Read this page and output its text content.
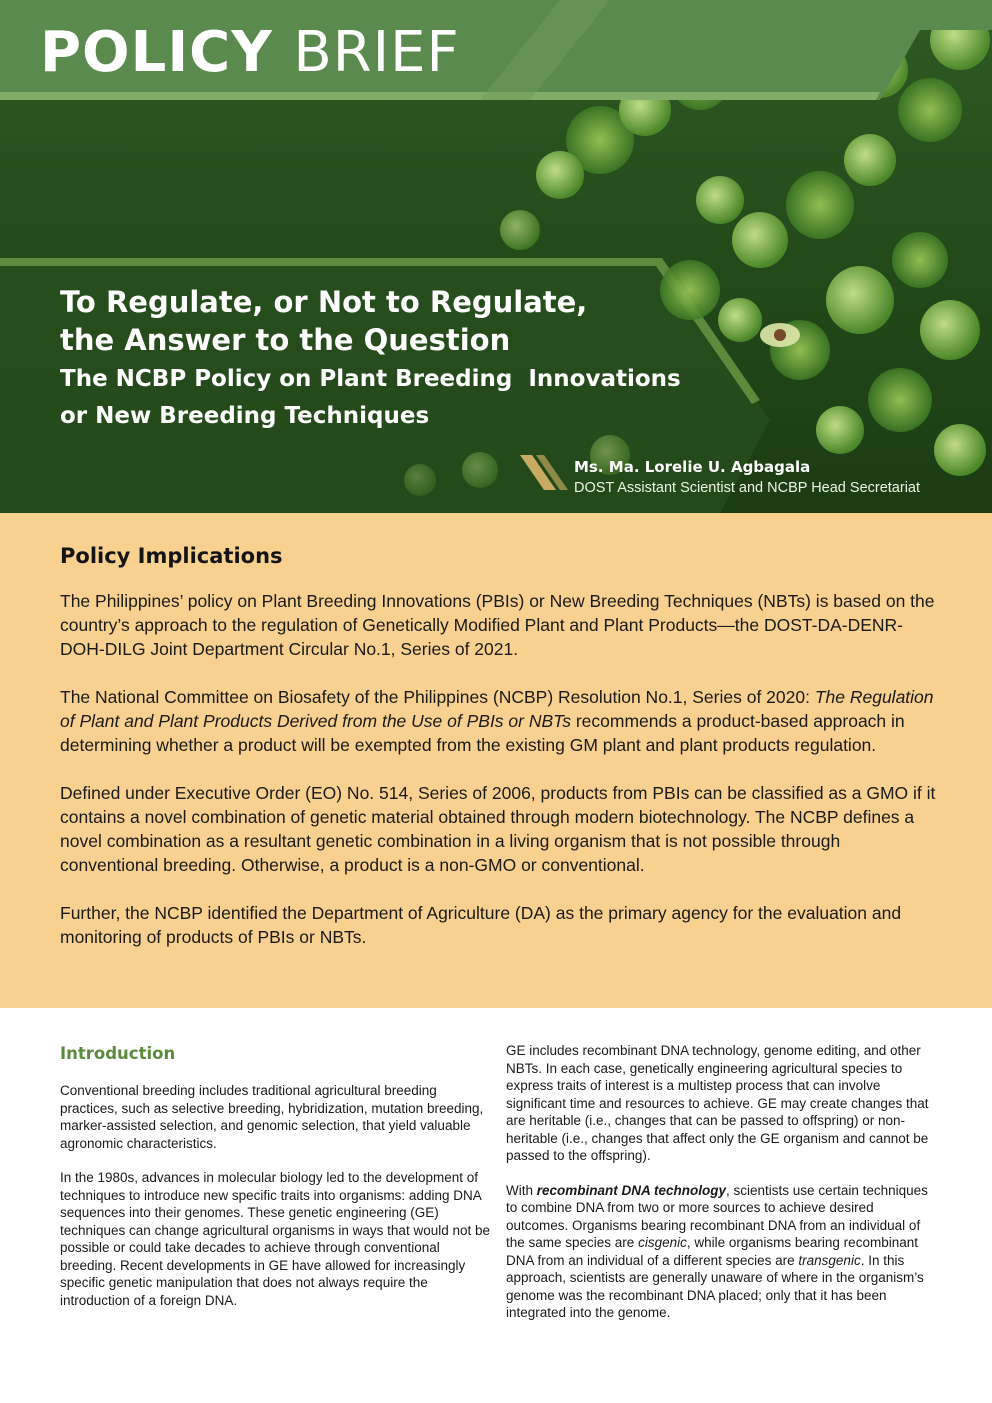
POLICY BRIEF
To Regulate, or Not to Regulate,
the Answer to the Question
The NCBP Policy on Plant Breeding  Innovations
or New Breeding Techniques
Ms. Ma. Lorelie U. Agbagala
DOST Assistant Scientist and NCBP Head Secretariat
Policy Implications

The Philippines’ policy on Plant Breeding Innovations (PBIs) or New Breeding Techniques (NBTs) is based on the country’s approach to the regulation of Genetically Modified Plant and Plant Products—the DOST-DA-DENR-DOH-DILG Joint Department Circular No.1, Series of 2021.

The National Committee on Biosafety of the Philippines (NCBP) Resolution No.1, Series of 2020: The Regulation of Plant and Plant Products Derived from the Use of PBIs or NBTs recommends a product-based approach in determining whether a product will be exempted from the existing GM plant and plant products regulation.

Defined under Executive Order (EO) No. 514, Series of 2006, products from PBIs can be classified as a GMO if it contains a novel combination of genetic material obtained through modern biotechnology. The NCBP defines a novel combination as a resultant genetic combination in a living organism that is not possible through conventional breeding. Otherwise, a product is a non-GMO or conventional.

Further, the NCBP identified the Department of Agriculture (DA) as the primary agency for the evaluation and monitoring of products of PBIs or NBTs.

Introduction

Conventional breeding includes traditional agricultural breeding practices, such as selective breeding, hybridization, mutation breeding, marker-assisted selection, and genomic selection, that yield valuable agronomic characteristics.

In the 1980s, advances in molecular biology led to the development of techniques to introduce new specific traits into organisms: adding DNA sequences into their genomes. These genetic engineering (GE) techniques can change agricultural organisms in ways that would not be possible or could take decades to achieve through conventional breeding. Recent developments in GE have allowed for increasingly specific genetic manipulation that does not always require the introduction of a foreign DNA.

GE includes recombinant DNA technology, genome editing, and other NBTs. In each case, genetically engineering agricultural species to express traits of interest is a multistep process that can involve significant time and resources to achieve. GE may create changes that are heritable (i.e., changes that can be passed to offspring) or non-heritable (i.e., changes that affect only the GE organism and cannot be passed to the offspring).

With recombinant DNA technology, scientists use certain techniques to combine DNA from two or more sources to achieve desired outcomes. Organisms bearing recombinant DNA from an individual of the same species are cisgenic, while organisms bearing recombinant DNA from an individual of a different species are transgenic. In this approach, scientists are generally unaware of where in the organism’s genome was the recombinant DNA placed; only that it has been integrated into the genome.
